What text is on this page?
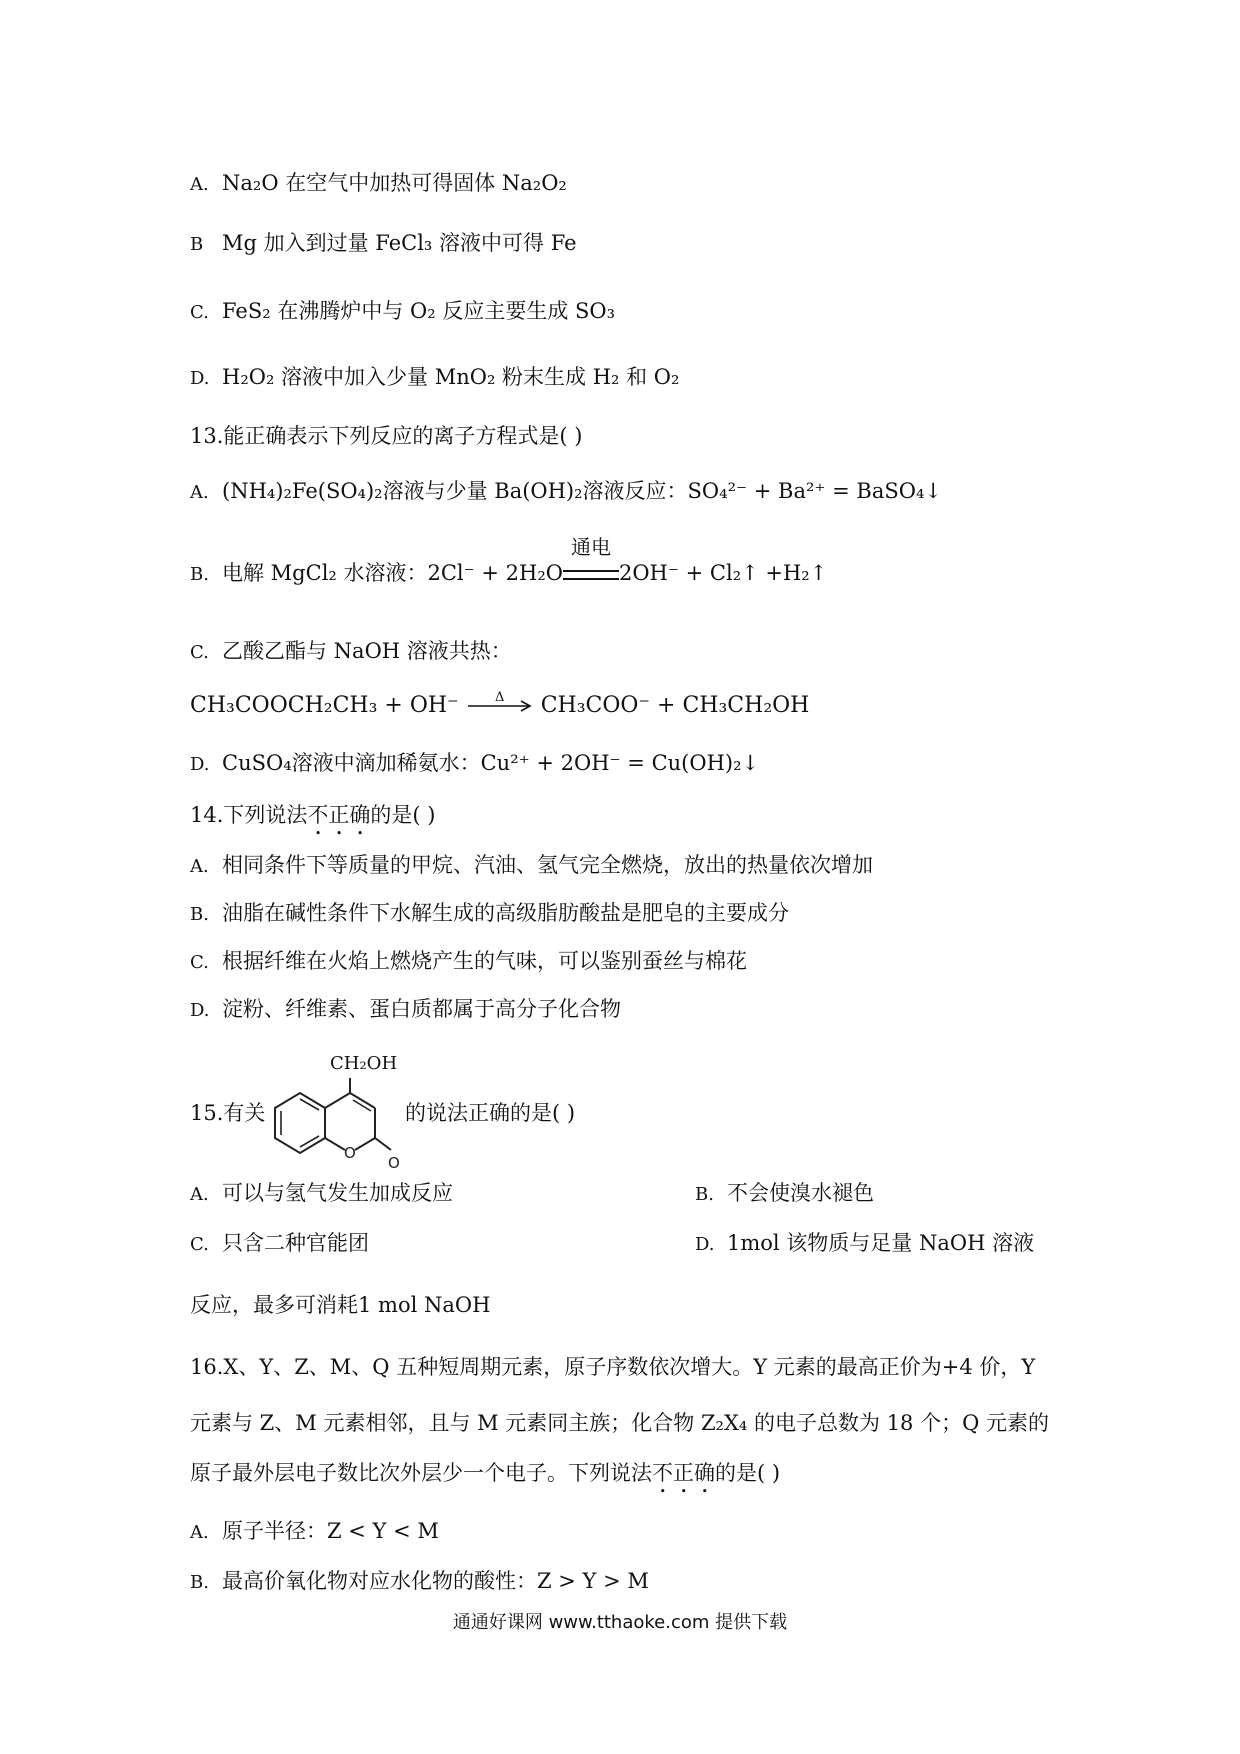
A. Na₂O 在空气中加热可得固体 Na₂O₂
B Mg 加入到过量 FeCl₃ 溶液中可得 Fe
C. FeS₂ 在沸腾炉中与 O₂ 反应主要生成 SO₃
D. H₂O₂ 溶液中加入少量 MnO₂ 粉末生成 H₂ 和 O₂
13.能正确表示下列反应的离子方程式是( )
A. (NH₄)₂Fe(SO₄)₂溶液与少量 Ba(OH)₂溶液反应：SO₄²⁻ + Ba²⁺ = BaSO₄↓
B. 电解 MgCl₂ 水溶液：2Cl⁻ + 2H₂O
通电
2OH⁻ + Cl₂↑ +H₂↑
C. 乙酸乙酯与 NaOH 溶液共热：
CH₃COOCH₂CH₃ + OH⁻	Δ CH₃COO⁻ + CH₃CH₂OH
D. CuSO₄溶液中滴加稀氨水：Cu²⁺ + 2OH⁻ = Cu(OH)₂↓
14.下列说法不正确的是( )
A. 相同条件下等质量的甲烷、汽油、氢气完全燃烧，放出的热量依次增加
B. 油脂在碱性条件下水解生成的高级脂肪酸盐是肥皂的主要成分
C. 根据纤维在火焰上燃烧产生的气味，可以鉴别蚕丝与棉花
D. 淀粉、纤维素、蛋白质都属于高分子化合物
15.有关
CH₂OH
O
O
的说法正确的是( )
A. 可以与氢气发生加成反应	B. 不会使溴水褪色
C. 只含二种官能团	D. 1mol 该物质与足量 NaOH 溶液
反应，最多可消耗1 mol NaOH
16.X、Y、Z、M、Q 五种短周期元素，原子序数依次增大。Y 元素的最高正价为+4 价，Y
元素与 Z、M 元素相邻，且与 M 元素同主族；化合物 Z₂X₄ 的电子总数为 18 个；Q 元素的
原子最外层电子数比次外层少一个电子。下列说法不正确的是( )
A. 原子半径：Z < Y < M
B. 最高价氧化物对应水化物的酸性：Z > Y > M
通通好课网 www.tthaoke.com 提供下载
